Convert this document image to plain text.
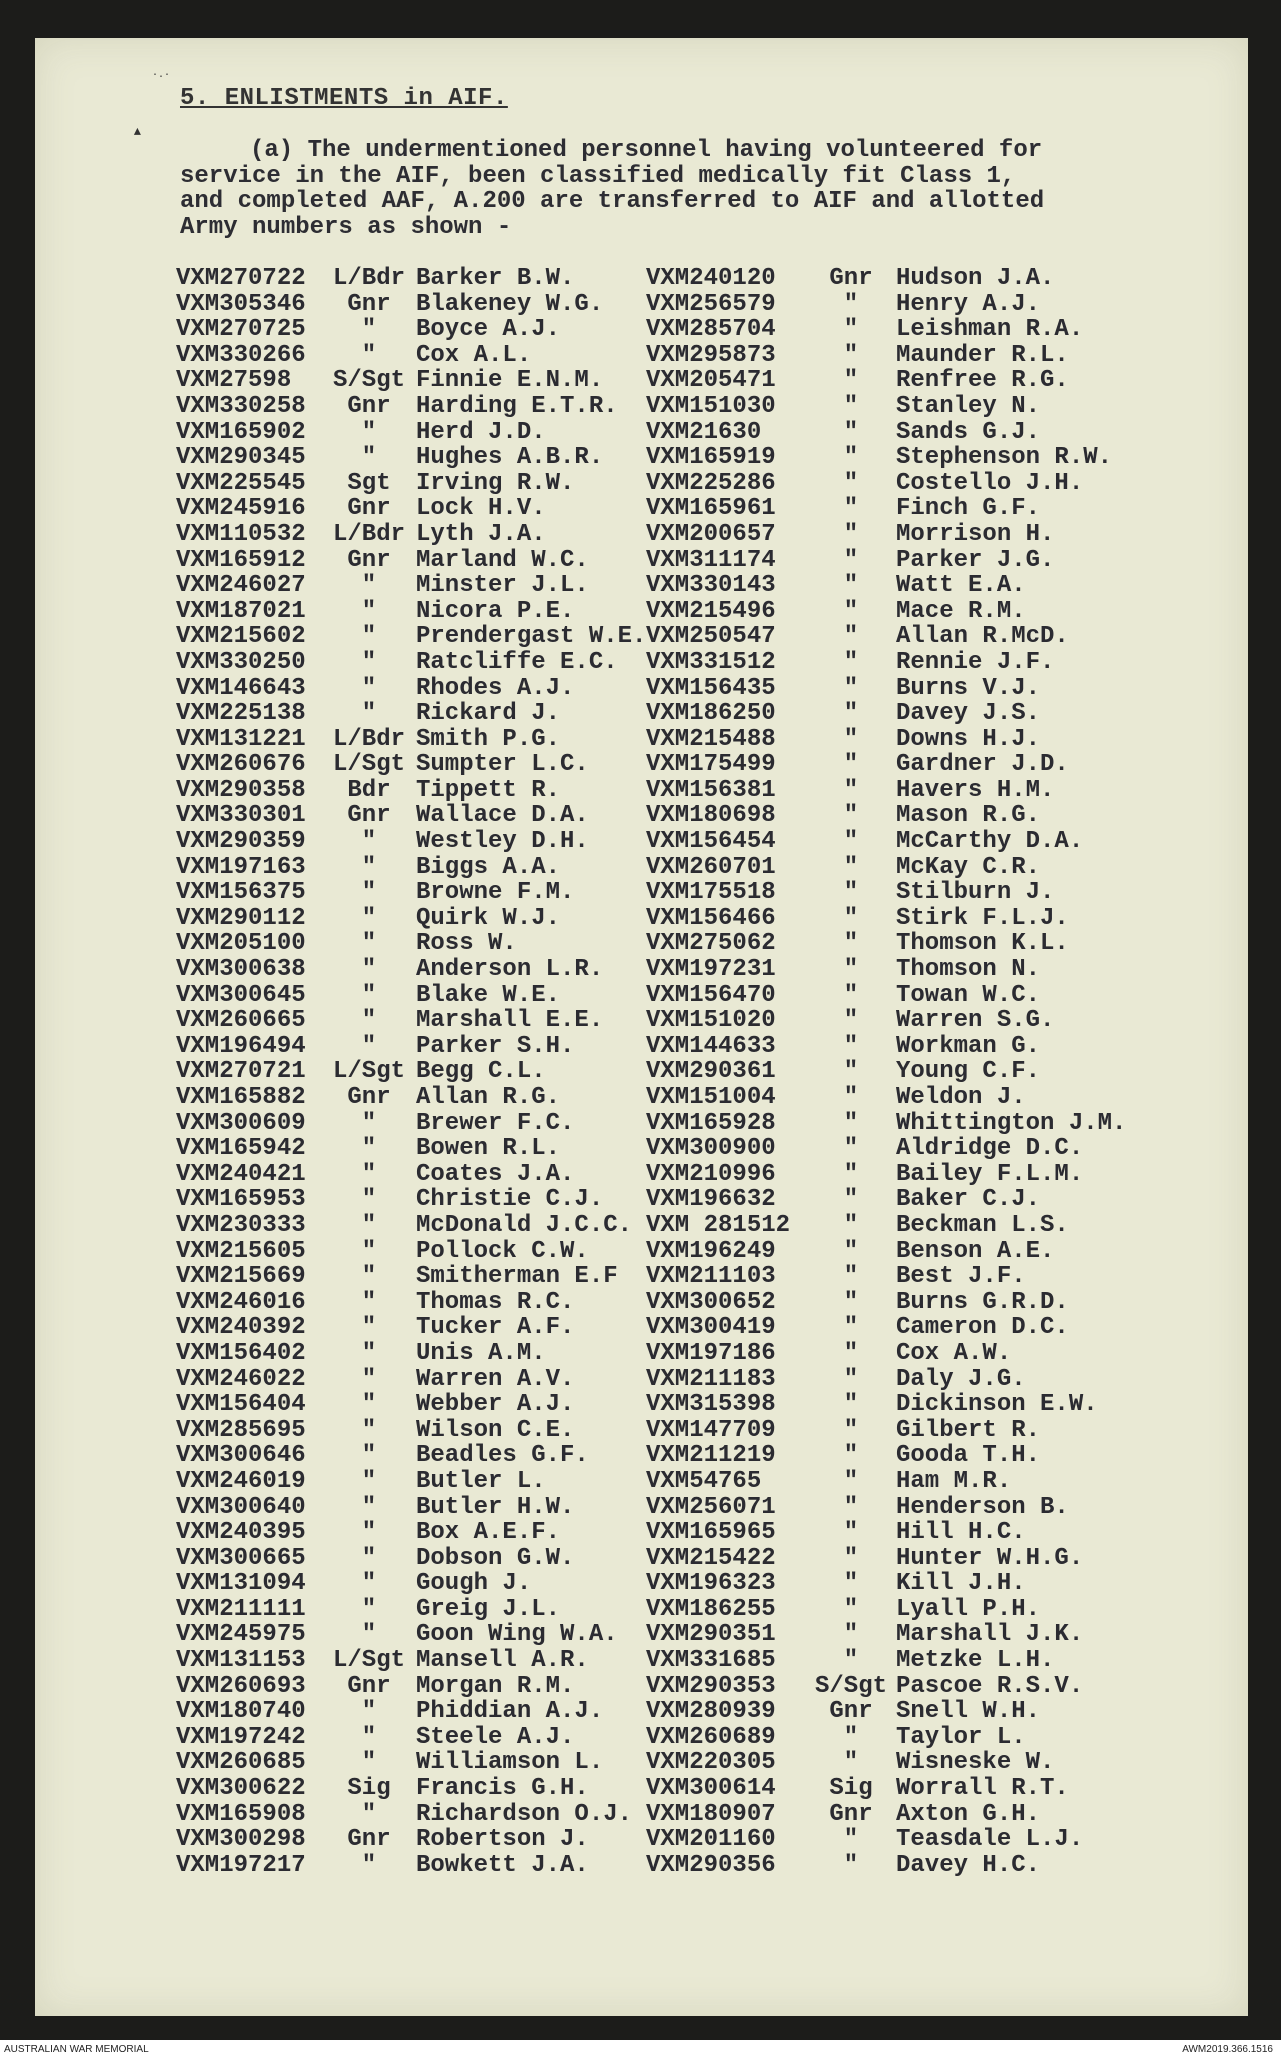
▴
·.·
5. ENLISTMENTS in AIF.
(a) The undermentioned personnel having volunteered for
service in the AIF, been classified medically fit Class 1,
and completed AAF, A.200 are transferred to AIF and allotted
Army numbers as shown -
VXM270722 L/Bdr Barker B.W.	VXM240120	Gnr Hudson J.A.
VXM305346	Gnr	Blakeney W.G. VXM256579	"	Henry A.J.
VXM270725	"	Boyce A.J.	VXM285704	"	Leishman R.A.
VXM330266	"	Cox A.L.	VXM295873	"	Maunder R.L.
VXM27598 S/Sgt Finnie E.N.M. VXM205471	"	Renfree R.G.
VXM330258	Gnr	Harding E.T.R. VXM151030	"	Stanley N.
VXM165902	"	Herd J.D.	VXM21630	"	Sands G.J.
VXM290345	"	Hughes A.B.R. VXM165919	"	Stephenson R.W.
VXM225545	Sgt	Irving R.W.	VXM225286	"	Costello J.H.
VXM245916	Gnr	Lock H.V.	VXM165961	"	Finch G.F.
VXM110532 L/Bdr Lyth J.A.	VXM200657	"	Morrison H.
VXM165912	Gnr	Marland W.C. VXM311174	"	Parker J.G.
VXM246027	"	Minster J.L. VXM330143	"	Watt E.A.
VXM187021	"	Nicora P.E.	VXM215496	"	Mace R.M.
VXM215602	"	Prendergast W.E. VXM250547	"	Allan R.McD.
VXM330250	"	Ratcliffe E.C. VXM331512	"	Rennie J.F.
VXM146643	"	Rhodes A.J.	VXM156435	"	Burns V.J.
VXM225138	"	Rickard J.	VXM186250	"	Davey J.S.
VXM131221 L/Bdr Smith P.G.	VXM215488	"	Downs H.J.
VXM260676 L/Sgt Sumpter L.C. VXM175499	"	Gardner J.D.
VXM290358	Bdr	Tippett R.	VXM156381	"	Havers H.M.
VXM330301	Gnr	Wallace D.A. VXM180698	"	Mason R.G.
VXM290359	"	Westley D.H. VXM156454	"	McCarthy D.A.
VXM197163	"	Biggs A.A.	VXM260701	"	McKay C.R.
VXM156375	"	Browne F.M.	VXM175518	"	Stilburn J.
VXM290112	"	Quirk W.J.	VXM156466	"	Stirk F.L.J.
VXM205100	"	Ross W.	VXM275062	"	Thomson K.L.
VXM300638	"	Anderson L.R. VXM197231	"	Thomson N.
VXM300645	"	Blake W.E.	VXM156470	"	Towan W.C.
VXM260665	"	Marshall E.E. VXM151020	"	Warren S.G.
VXM196494	"	Parker S.H.	VXM144633	"	Workman G.
VXM270721 L/Sgt Begg C.L.	VXM290361	"	Young C.F.
VXM165882	Gnr	Allan R.G.	VXM151004	"	Weldon J.
VXM300609	"	Brewer F.C.	VXM165928	"	Whittington J.M.
VXM165942	"	Bowen R.L.	VXM300900	"	Aldridge D.C.
VXM240421	"	Coates J.A.	VXM210996	"	Bailey F.L.M.
VXM165953	"	Christie C.J. VXM196632	"	Baker C.J.
VXM230333	"	McDonald J.C.C. VXM 281512	"	Beckman L.S.
VXM215605	"	Pollock C.W. VXM196249	"	Benson A.E.
VXM215669	"	Smitherman E.F VXM211103	"	Best J.F.
VXM246016	"	Thomas R.C.	VXM300652	"	Burns G.R.D.
VXM240392	"	Tucker A.F.	VXM300419	"	Cameron D.C.
VXM156402	"	Unis A.M.	VXM197186	"	Cox A.W.
VXM246022	"	Warren A.V.	VXM211183	"	Daly J.G.
VXM156404	"	Webber A.J.	VXM315398	"	Dickinson E.W.
VXM285695	"	Wilson C.E.	VXM147709	"	Gilbert R.
VXM300646	"	Beadles G.F. VXM211219	"	Gooda T.H.
VXM246019	"	Butler L.	VXM54765	"	Ham M.R.
VXM300640	"	Butler H.W.	VXM256071	"	Henderson B.
VXM240395	"	Box A.E.F.	VXM165965	"	Hill H.C.
VXM300665	"	Dobson G.W.	VXM215422	"	Hunter W.H.G.
VXM131094	"	Gough J.	VXM196323	"	Kill J.H.
VXM211111	"	Greig J.L.	VXM186255	"	Lyall P.H.
VXM245975	"	Goon Wing W.A. VXM290351	"	Marshall J.K.
VXM131153 L/Sgt Mansell A.R. VXM331685	"	Metzke L.H.
VXM260693	Gnr	Morgan R.M.	VXM290353 S/Sgt Pascoe R.S.V.
VXM180740	"	Phiddian A.J. VXM280939	Gnr Snell W.H.
VXM197242	"	Steele A.J.	VXM260689	"	Taylor L.
VXM260685	"	Williamson L. VXM220305	"	Wisneske W.
VXM300622	Sig	Francis G.H. VXM300614	Sig Worrall R.T.
VXM165908	"	Richardson O.J. VXM180907	Gnr Axton G.H.
VXM300298	Gnr	Robertson J. VXM201160	"	Teasdale L.J.
VXM197217	"	Bowkett J.A. VXM290356	"	Davey H.C.
AUSTRALIAN WAR MEMORIAL	AWM2019.366.1516
